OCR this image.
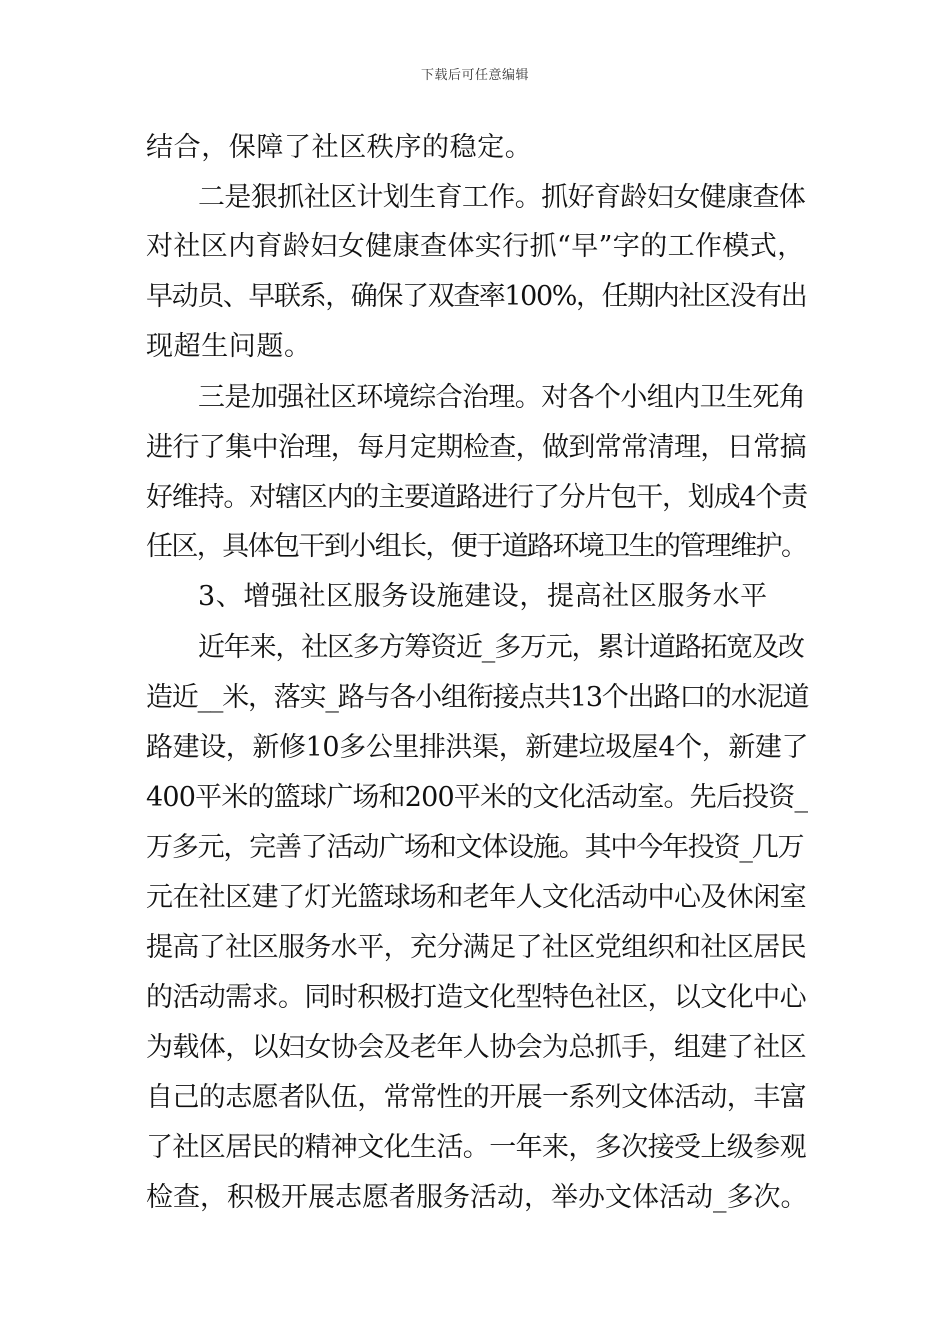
下载后可任意编辑
结合，保障了社区秩序的稳定。
二是狠抓社区计划生育工作。抓好育龄妇女健康查体
对社区内育龄妇女健康查体实行抓“早”字的工作模式，
早动员、早联系，确保了双查率100%，任期内社区没有出
现超生问题。
三是加强社区环境综合治理。对各个小组内卫生死角
进行了集中治理，每月定期检查，做到常常清理，日常搞
好维持。对辖区内的主要道路进行了分片包干，划成4个责
任区，具体包干到小组长，便于道路环境卫生的管理维护。
3、增强社区服务设施建设，提高社区服务水平
近年来，社区多方筹资近_多万元，累计道路拓宽及改
造近__米，落实_路与各小组衔接点共13个出路口的水泥道
路建设，新修10多公里排洪渠，新建垃圾屋4个，新建了
400平米的篮球广场和200平米的文化活动室。先后投资_
万多元，完善了活动广场和文体设施。其中今年投资_几万
元在社区建了灯光篮球场和老年人文化活动中心及休闲室
提高了社区服务水平，充分满足了社区党组织和社区居民
的活动需求。同时积极打造文化型特色社区，以文化中心
为载体，以妇女协会及老年人协会为总抓手，组建了社区
自己的志愿者队伍，常常性的开展一系列文体活动，丰富
了社区居民的精神文化生活。一年来，多次接受上级参观
检查，积极开展志愿者服务活动，举办文体活动_多次。
